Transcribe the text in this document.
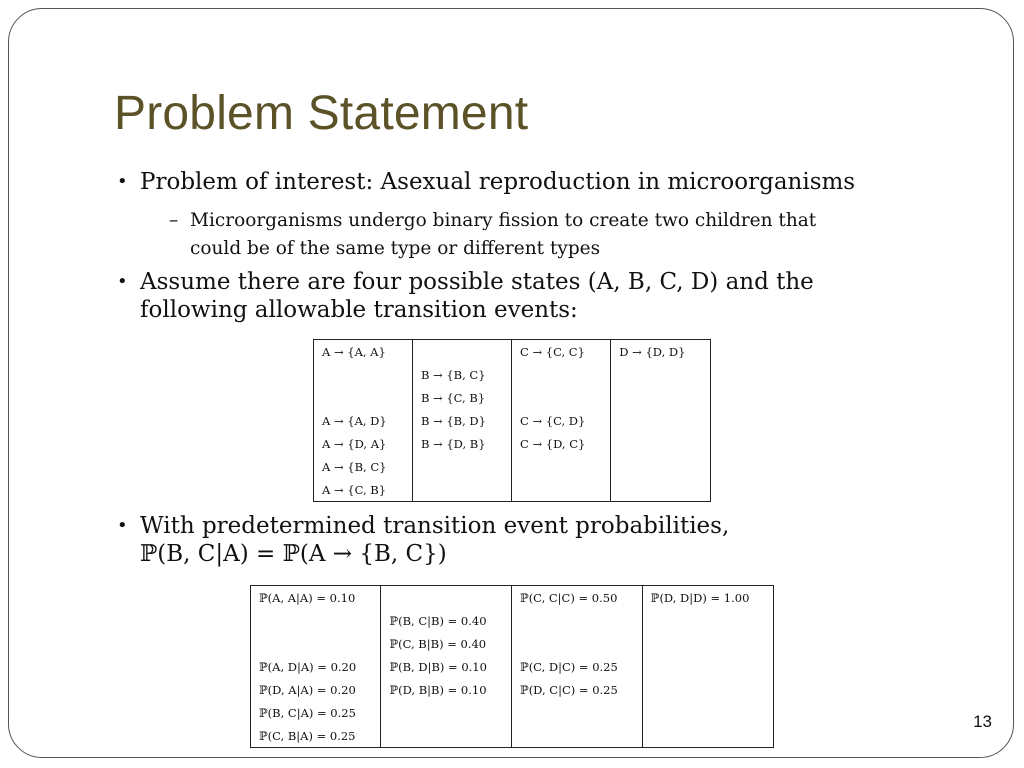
Problem Statement
• Problem of interest: Asexual reproduction in microorganisms
– Microorganisms undergo binary fission to create two children that
could be of the same type or different types
• Assume there are four possible states (A, B, C, D) and the
following allowable transition events:
A → {A, A}		C → {C, C}	D → {D, D}
	B → {B, C}		
	B → {C, B}		
A → {A, D}	B → {B, D}	C → {C, D}	
A → {D, A}	B → {D, B}	C → {D, C}	
A → {B, C}			
A → {C, B}			
• With predetermined transition event probabilities,
ℙ(B, C|A) = ℙ(A → {B, C})
ℙ(A, A|A) = 0.10		ℙ(C, C|C) = 0.50	ℙ(D, D|D) = 1.00
	ℙ(B, C|B) = 0.40		
	ℙ(C, B|B) = 0.40		
ℙ(A, D|A) = 0.20	ℙ(B, D|B) = 0.10	ℙ(C, D|C) = 0.25	
ℙ(D, A|A) = 0.20	ℙ(D, B|B) = 0.10	ℙ(D, C|C) = 0.25	
ℙ(B, C|A) = 0.25			
ℙ(C, B|A) = 0.25			
13
